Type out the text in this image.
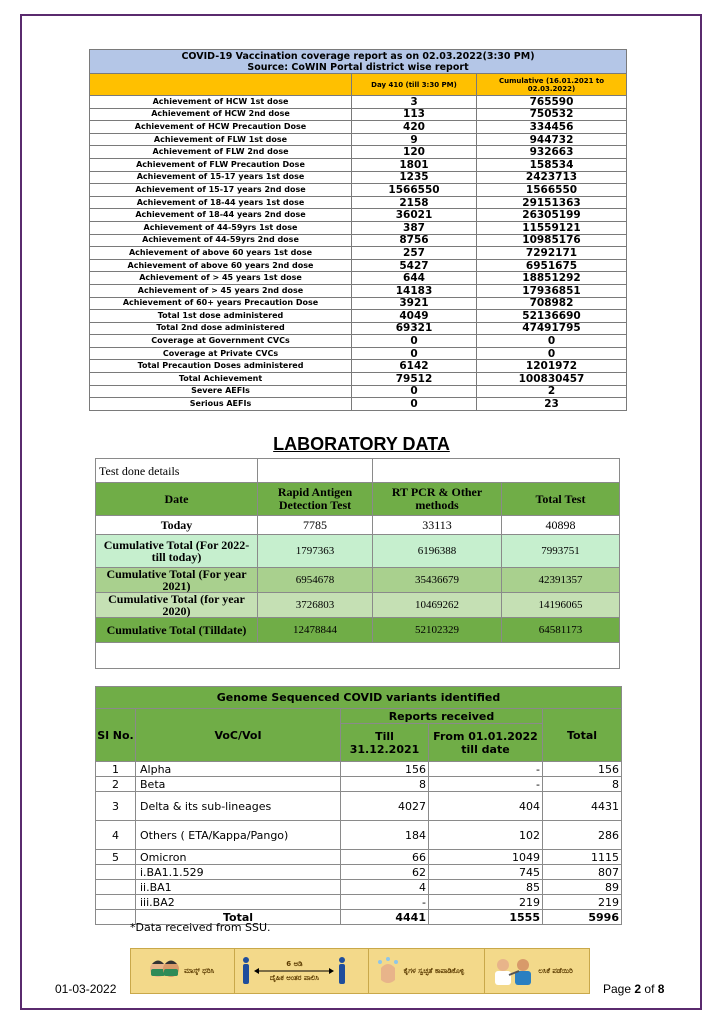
COVID-19 Vaccination coverage report as on 02.03.2022(3:30 PM)
Source: CoWIN Portal district wise report		

	Day 410 (till 3:30 PM)	Cumulative (16.01.2021 to 02.03.2022)
Achievement of HCW 1st dose	3	765590
Achievement of HCW 2nd dose	113	750532
Achievement of HCW Precaution Dose	420	334456
Achievement of FLW 1st dose	9	944732
Achievement of FLW 2nd dose	120	932663
Achievement of FLW Precaution Dose	1801	158534
Achievement of 15-17 years 1st dose	1235	2423713
Achievement of 15-17 years 2nd dose	1566550	1566550
Achievement of 18-44 years 1st dose	2158	29151363
Achievement of 18-44 years 2nd dose	36021	26305199
Achievement of 44-59yrs 1st dose	387	11559121
Achievement of 44-59yrs 2nd dose	8756	10985176
Achievement of above 60 years 1st dose	257	7292171
Achievement of above 60 years 2nd dose	5427	6951675
Achievement of > 45 years 1st dose	644	18851292
Achievement of > 45 years 2nd dose	14183	17936851
Achievement of 60+ years Precaution Dose	3921	708982
Total 1st dose administered	4049	52136690
Total 2nd dose administered	69321	47491795
Coverage at Government CVCs	0	0
Coverage at Private CVCs	0	0
Total Precaution Doses administered	6142	1201972
Total Achievement	79512	100830457
Severe AEFIs	0	2
Serious AEFIs	0	23
LABORATORY DATA
Test done details			
Date	Rapid Antigen Detection Test	RT PCR & Other methods	Total Test
Today	7785	33113	40898
Cumulative Total (For 2022- till today)	1797363	6196388	7993751
Cumulative Total (For year 2021)	6954678	35436679	42391357
Cumulative Total (for year 2020)	3726803	10469262	14196065
Cumulative Total (Tilldate)	12478844	52102329	64581173

Genome Sequenced COVID variants identified				
Sl No.	VoC/VoI	Reports received		Total
		Till 31.12.2021	From 01.01.2022 till date	
1	Alpha	156	-	156
2	Beta	8	-	8
3	Delta & its sub-lineages	4027	404	4431
4	Others ( ETA/Kappa/Pango)	184	102	286
5	Omicron	66	1049	1115
	i.BA1.1.529	62	745	807
	ii.BA1	4	85	89
	iii.BA2	-	219	219
	Total	4441	1555	5996
*Data received from SSU.
ಮಾಸ್ಕ್ ಧರಿಸಿ
6 ಅಡಿ
ದೈಹಿಕ ಅಂತರ ಪಾಲಿಸಿ
ಕೈಗಳ ಸ್ವಚ್ಛತೆ ಕಾಪಾಡಿಕೊಳ್ಳಿ	ಲಸಿಕೆ ಪಡೆಯಿರಿ
01-03-2022	Page 2 of 8
